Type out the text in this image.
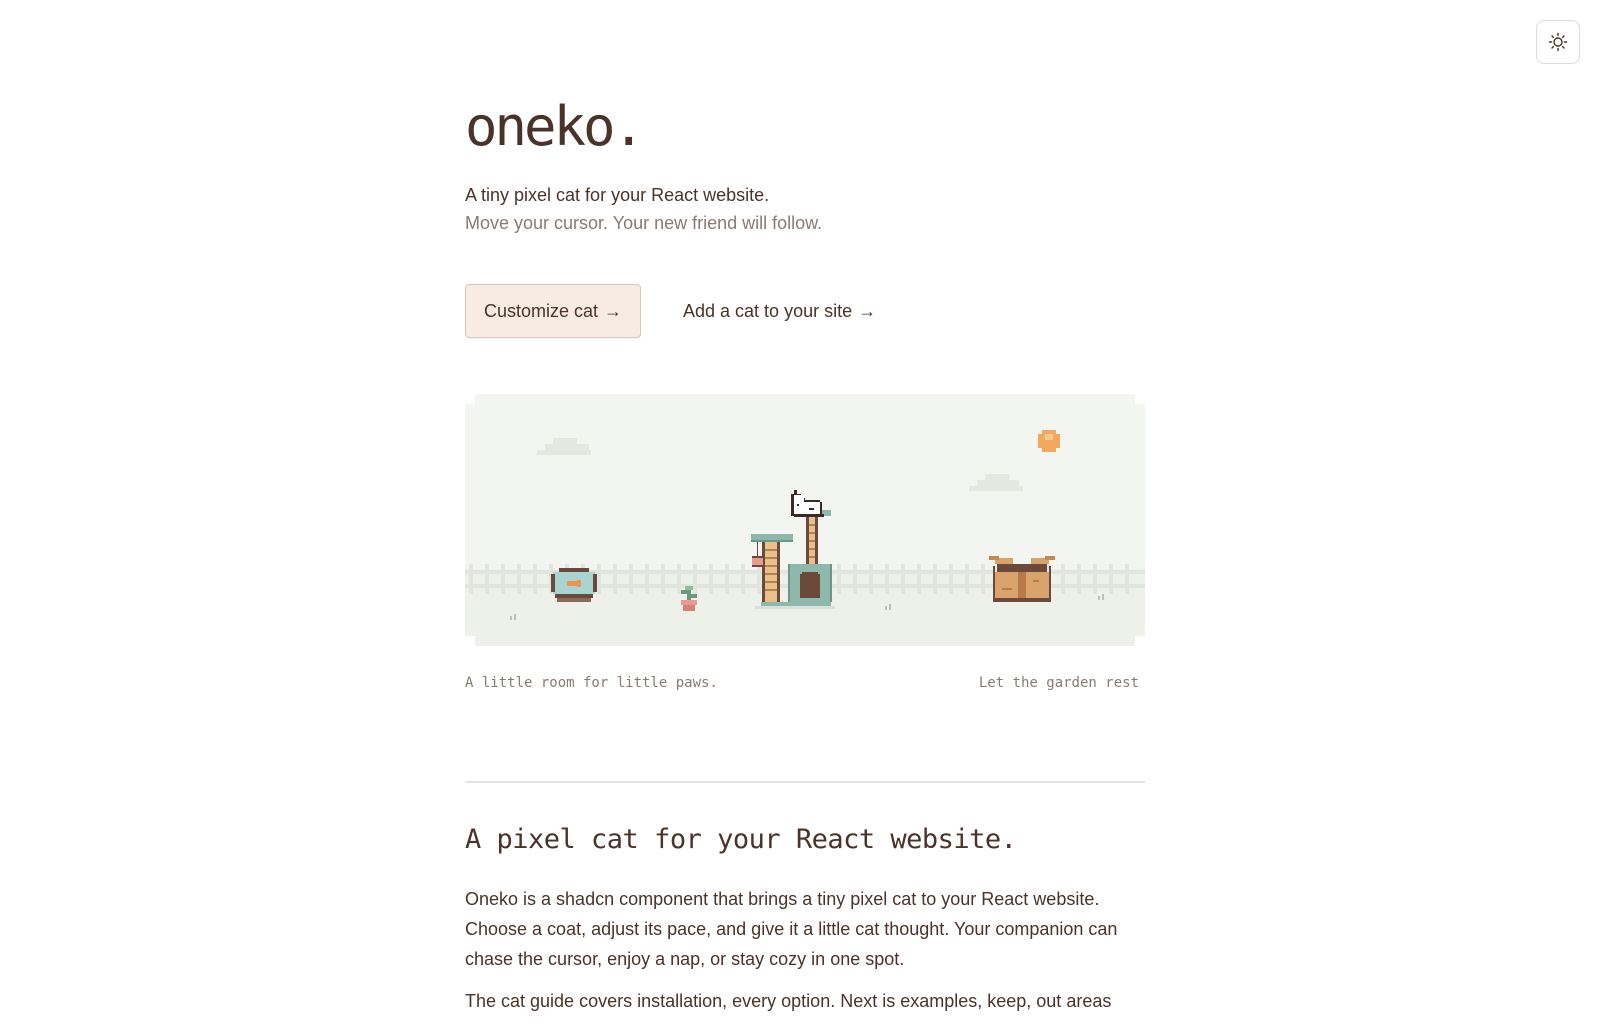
oneko.
A tiny pixel cat for your React website.
Move your cursor. Your new friend will follow.
Customize cat →	Add a cat to your site →
A little room for little paws.	Let the garden rest
A pixel cat for your React website.

Oneko is a shadcn component that brings a tiny pixel cat to your React website. Choose a coat, adjust its pace, and give it a little cat thought. Your companion can chase the cursor, enjoy a nap, or stay cozy in one spot.

The cat guide covers installation, every option. Next is examples, keep, out areas
